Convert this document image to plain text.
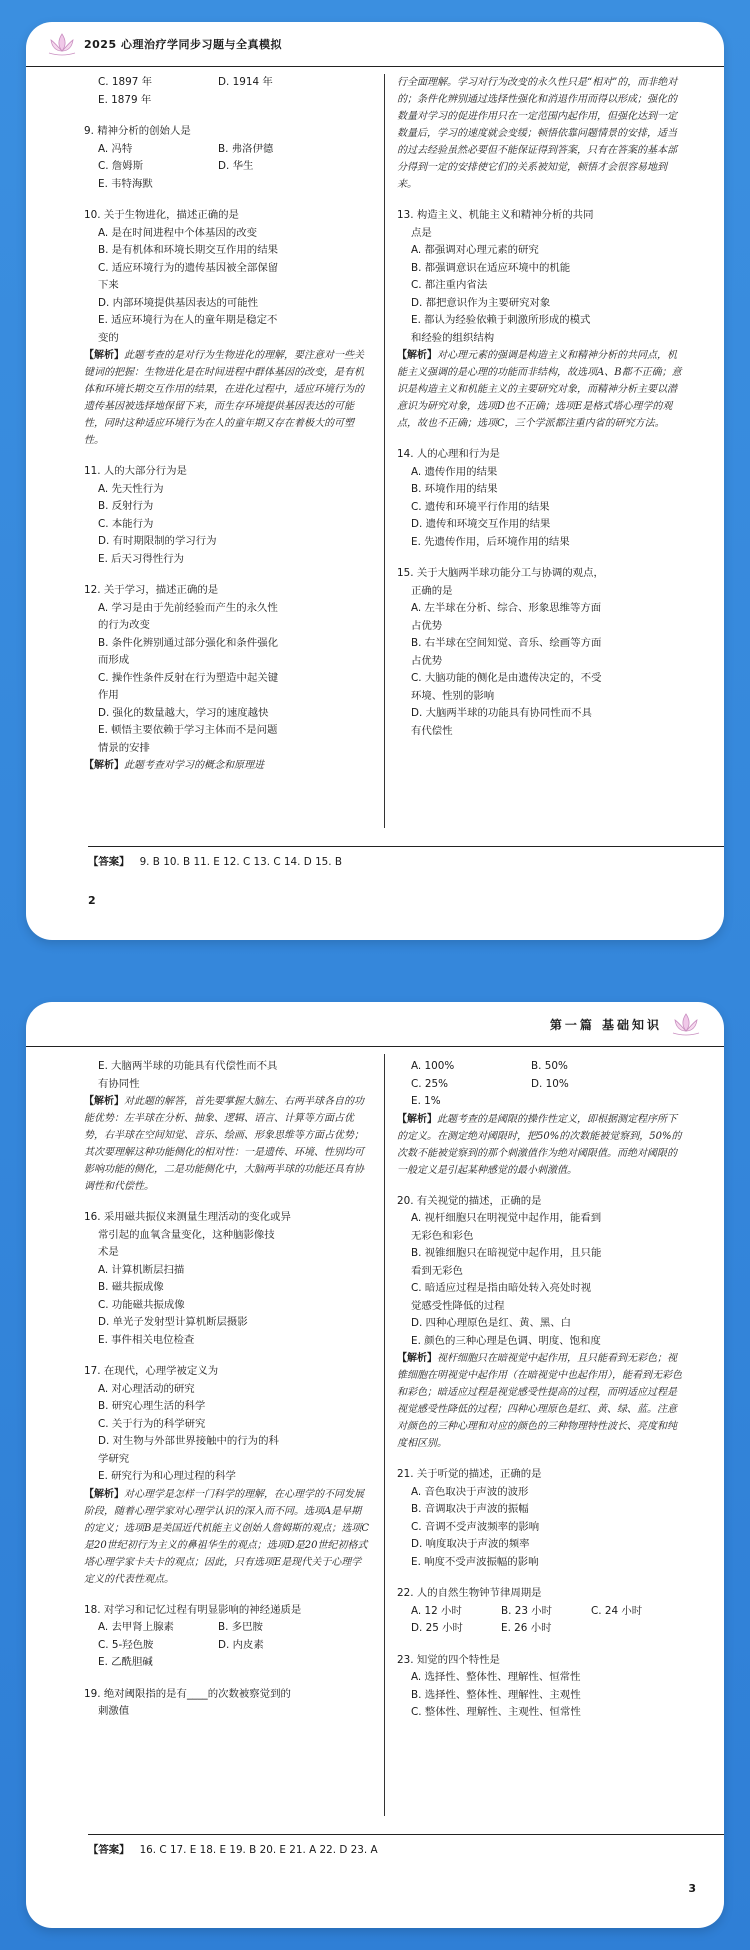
2025 心理治疗学同步习题与全真模拟
C. 1897 年	D. 1914 年
E. 1879 年
9. 精神分析的创始人是
A. 冯特	B. 弗洛伊德
C. 詹姆斯	D. 华生
E. 韦特海默
10. 关于生物进化，描述正确的是
A. 是在时间进程中个体基因的改变
B. 是有机体和环境长期交互作用的结果
C. 适应环境行为的遗传基因被全部保留
下来
D. 内部环境提供基因表达的可能性
E. 适应环境行为在人的童年期是稳定不
变的
【解析】此题考查的是对行为生物进化的理解，要注意对一些关键词的把握：生物进化是在时间进程中群体基因的改变，是有机体和环境长期交互作用的结果，在进化过程中，适应环境行为的遗传基因被选择地保留下来，而生存环境提供基因表达的可能性，同时这种适应环境行为在人的童年期又存在着极大的可塑性。
11. 人的大部分行为是
A. 先天性行为
B. 反射行为
C. 本能行为
D. 有时期限制的学习行为
E. 后天习得性行为
12. 关于学习，描述正确的是
A. 学习是由于先前经验而产生的永久性
的行为改变
B. 条件化辨别通过部分强化和条件强化
而形成
C. 操作性条件反射在行为塑造中起关键
作用
D. 强化的数量越大，学习的速度越快
E. 顿悟主要依赖于学习主体而不是问题
情景的安排
【解析】此题考查对学习的概念和原理进
行全面理解。学习对行为改变的永久性只是“相对”的，而非绝对的；条件化辨别通过选择性强化和消退作用而得以形成；强化的数量对学习的促进作用只在一定范围内起作用，但强化达到一定数量后，学习的速度就会变缓；顿悟依靠问题情景的安排，适当的过去经验虽然必要但不能保证得到答案，只有在答案的基本部分得到一定的安排使它们的关系被知觉，顿悟才会很容易地到来。
13. 构造主义、机能主义和精神分析的共同
点是
A. 都强调对心理元素的研究
B. 都强调意识在适应环境中的机能
C. 都注重内省法
D. 都把意识作为主要研究对象
E. 都认为经验依赖于刺激所形成的模式
和经验的组织结构
【解析】对心理元素的强调是构造主义和精神分析的共同点，机能主义强调的是心理的功能而非结构，故选项A、B都不正确；意识是构造主义和机能主义的主要研究对象，而精神分析主要以潜意识为研究对象，选项D也不正确；选项E是格式塔心理学的观点，故也不正确；选项C，三个学派都注重内省的研究方法。
14. 人的心理和行为是
A. 遗传作用的结果
B. 环境作用的结果
C. 遗传和环境平行作用的结果
D. 遗传和环境交互作用的结果
E. 先遗传作用，后环境作用的结果
15. 关于大脑两半球功能分工与协调的观点，
正确的是
A. 左半球在分析、综合、形象思维等方面
占优势
B. 右半球在空间知觉、音乐、绘画等方面
占优势
C. 大脑功能的侧化是由遗传决定的，不受
环境、性别的影响
D. 大脑两半球的功能具有协同性而不具
有代偿性
【答案】 9. B 10. B 11. E 12. C 13. C 14. D 15. B
2
第一篇 基础知识
E. 大脑两半球的功能具有代偿性而不具
有协同性
【解析】对此题的解答，首先要掌握大脑左、右两半球各自的功能优势：左半球在分析、抽象、逻辑、语言、计算等方面占优势，右半球在空间知觉、音乐、绘画、形象思维等方面占优势；其次要理解这种功能侧化的相对性：一是遗传、环境、性别均可影响功能的侧化，二是功能侧化中，大脑两半球的功能还具有协调性和代偿性。
16. 采用磁共振仪来测量生理活动的变化或异
常引起的血氧含量变化，这种脑影像技
术是
A. 计算机断层扫描
B. 磁共振成像
C. 功能磁共振成像
D. 单光子发射型计算机断层摄影
E. 事件相关电位检查
17. 在现代，心理学被定义为
A. 对心理活动的研究
B. 研究心理生活的科学
C. 关于行为的科学研究
D. 对生物与外部世界接触中的行为的科
学研究
E. 研究行为和心理过程的科学
【解析】对心理学是怎样一门科学的理解，在心理学的不同发展阶段，随着心理学家对心理学认识的深入而不同。选项A是早期的定义；选项B是美国近代机能主义创始人詹姆斯的观点；选项C是20世纪初行为主义的鼻祖华生的观点；选项D是20世纪初格式塔心理学家卡夫卡的观点；因此，只有选项E是现代关于心理学定义的代表性观点。
18. 对学习和记忆过程有明显影响的神经递质是
A. 去甲肾上腺素	B. 多巴胺
C. 5-羟色胺	D. 内皮素
E. 乙酰胆碱
19. 绝对阈限指的是有____的次数被察觉到的
刺激值
A. 100%	B. 50%
C. 25%	D. 10%
E. 1%
【解析】此题考查的是阈限的操作性定义，即根据测定程序所下的定义。在测定绝对阈限时，把50%的次数能被觉察到，50%的次数不能被觉察到的那个刺激值作为绝对阈限值。而绝对阈限的一般定义是引起某种感觉的最小刺激值。
20. 有关视觉的描述，正确的是
A. 视杆细胞只在明视觉中起作用，能看到
无彩色和彩色
B. 视锥细胞只在暗视觉中起作用，且只能
看到无彩色
C. 暗适应过程是指由暗处转入亮处时视
觉感受性降低的过程
D. 四种心理原色是红、黄、黑、白
E. 颜色的三种心理是色调、明度、饱和度
【解析】视杆细胞只在暗视觉中起作用，且只能看到无彩色；视锥细胞在明视觉中起作用（在暗视觉中也起作用），能看到无彩色和彩色；暗适应过程是视觉感受性提高的过程，而明适应过程是视觉感受性降低的过程；四种心理原色是红、黄、绿、蓝。注意对颜色的三种心理和对应的颜色的三种物理特性波长、亮度和纯度相区别。
21. 关于听觉的描述，正确的是
A. 音色取决于声波的波形
B. 音调取决于声波的振幅
C. 音调不受声波频率的影响
D. 响度取决于声波的频率
E. 响度不受声波振幅的影响
22. 人的自然生物钟节律周期是
A. 12 小时	B. 23 小时	C. 24 小时
D. 25 小时	E. 26 小时
23. 知觉的四个特性是
A. 选择性、整体性、理解性、恒常性
B. 选择性、整体性、理解性、主观性
C. 整体性、理解性、主观性、恒常性
【答案】 16. C 17. E 18. E 19. B 20. E 21. A 22. D 23. A
3
